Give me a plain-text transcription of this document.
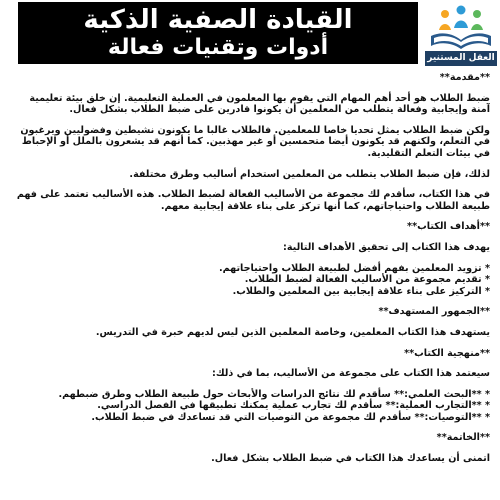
القيادة الصفية الذكية
أدوات وتقنيات فعالة	العقل المستنير

**مقدمة**

ضبط الطلاب هو أحد أهم المهام التي يقوم بها المعلمون في العملية التعليمية. إن خلق بيئة تعليمية آمنة وإيجابية وفعالة يتطلب من المعلمين أن يكونوا قادرين على ضبط الطلاب بشكل فعال.

ولكن ضبط الطلاب يمثل تحديا خاصا للمعلمين. فالطلاب غالبا ما يكونون نشيطين وفضوليين ويرغبون في التعلم، ولكنهم قد يكونون أيضا متحمسين أو غير مهذبين. كما أنهم قد يشعرون بالملل أو الإحباط في بيئات التعلم التقليدية.

لذلك، فإن ضبط الطلاب يتطلب من المعلمين استخدام أساليب وطرق مختلفة.

في هذا الكتاب، سأقدم لك مجموعة من الأساليب الفعالة لضبط الطلاب. هذه الأساليب تعتمد على فهم طبيعة الطلاب واحتياجاتهم، كما أنها تركز على بناء علاقة إيجابية معهم.

**أهداف الكتاب**

يهدف هذا الكتاب إلى تحقيق الأهداف التالية:

* تزويد المعلمين بفهم أفضل لطبيعة الطلاب واحتياجاتهم.
* تقديم مجموعة من الأساليب الفعالة لضبط الطلاب.
* التركيز على بناء علاقة إيجابية بين المعلمين والطلاب.

**الجمهور المستهدف**

يستهدف هذا الكتاب المعلمين، وخاصة المعلمين الذين ليس لديهم خبرة في التدريس.

**منهجية الكتاب**

سيعتمد هذا الكتاب على مجموعة من الأساليب، بما في ذلك:

* **البحث العلمي:** سأقدم لك نتائج الدراسات والأبحاث حول طبيعة الطلاب وطرق ضبطهم.
* **التجارب العملية:** سأقدم لك تجارب عملية يمكنك تطبيقها في الفصل الدراسي.
* **التوصيات:** سأقدم لك مجموعة من التوصيات التي قد تساعدك في ضبط الطلاب.

**الخاتمة**

اتمنى أن يساعدك هذا الكتاب في ضبط الطلاب بشكل فعال.
